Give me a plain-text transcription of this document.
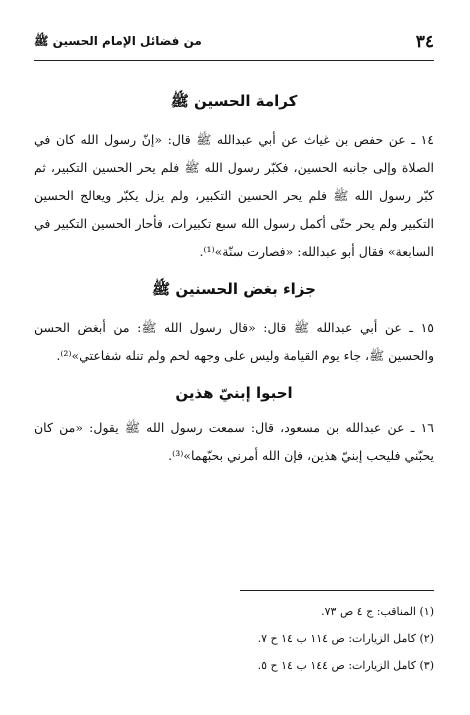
٣٤
من فضائل الإمام الحسين ﷺ
كرامة الحسين ﷺ

١٤ ـ عن حفص بن غياث عن أبي عبدالله ﷺ قال: «إنّ رسول الله كان في الصلاة وإلى جانبه الحسين، فكبّر رسول الله ﷺ فلم يحر الحسين التكبير، ثم كبّر رسول الله ﷺ فلم يحر الحسين التكبير، ولم يزل يكبّر ويعالج الحسين التكبير ولم يحر حتّى أكمل رسول الله سبع تكبيرات، فأحار الحسين التكبير في السابعة» فقال أبو عبدالله: «فصارت سنّة»⁽¹⁾.

جزاء بغض الحسنين ﷺ

١٥ ـ عن أبي عبدالله ﷺ قال: «قال رسول الله ﷺ: من أبغض الحسن والحسين ﷺ، جاء يوم القيامة وليس على وجهه لحم ولم تنله شفاعتي»⁽²⁾.

احبوا إبنيّ هذين

١٦ ـ عن عبدالله بن مسعود، قال: سمعت رسول الله ﷺ يقول: «من كان يحبّني فليحب إبنيّ هذين، فإن الله أمرني بحبّهما»⁽³⁾.

(١) المناقب: ج ٤ ص ٧٣.
(٢) كامل الزيارات: ص ١١٤ ب ١٤ ح ٧.
(٣) كامل الزيارات: ص ١٤٤ ب ١٤ ح ٥.
